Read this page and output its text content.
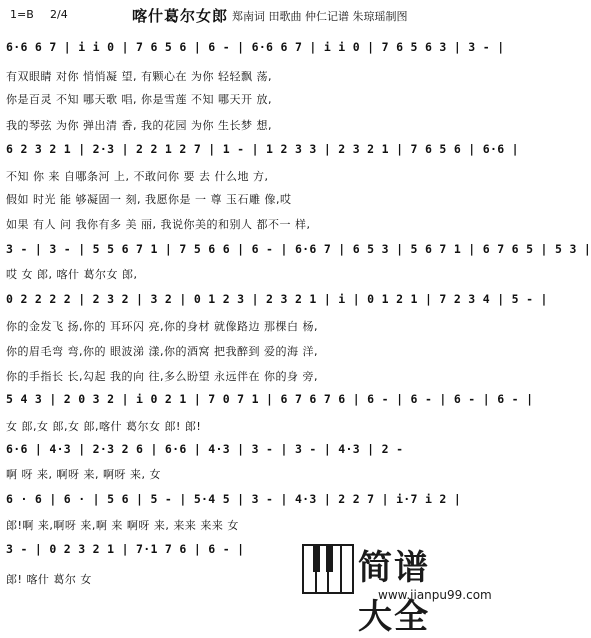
1=B 2/4	喀什葛尔女郎 郑南词 田歌曲 仲仁记谱 朱琼瑶制图
6·6 6 7 | i i 0 | 7 6 5 6 | 6 - | 6·6 6 7 | i i 0 | 7 6 5 6 3 | 3 - |
有双眼睛 对你 悄悄凝 望, 有颗心在 为你 轻轻飘 荡,
你是百灵 不知 哪天歌 唱, 你是雪莲 不知 哪天开 放,
我的琴弦 为你 弹出清 香, 我的花园 为你 生长梦 想,
6 2 3 2 1 | 2·3 | 2 2 1 2 7 | 1 - | 1 2 3 3 | 2 3 2 1 | 7 6 5 6 | 6·6 |
不知 你 来 自哪条河 上, 不敢问你 要 去 什么地 方,
假如 时光 能 够凝固一 刻, 我愿你是 一 尊 玉石雕 像,哎
如果 有人 问 我你有多 美 丽, 我说你美的和别人 都不一 样,
3 - | 3 - | 5 5 6 7 1 | 7 5 6 6 | 6 - | 6·6 7 | 6 5 3 | 5 6 7 1 | 6 7 6 5 | 5 3 |
哎 女 郎, 喀什 葛尔女 郎,
0 2 2 2 2 | 2 3 2 | 3 2 | 0 1 2 3 | 2 3 2 1 | i | 0 1 2 1 | 7 2 3 4 | 5 - |
你的金发飞 扬,你的 耳环闪 亮,你的身材 就像路边 那棵白 杨,
你的眉毛弯 弯,你的 眼波涕 漾,你的酒窝 把我醉到 爱的海 洋,
你的手指长 长,勾起 我的向 往,多么盼望 永远伴在 你的身 旁,
5 4 3 | 2 0 3 2 | i 0 2 1 | 7 0 7 1 | 6 7 6 7 6 | 6 - | 6 - | 6 - | 6 - |
女 郎,女 郎,女 郎,喀什 葛尔女 郎! 郎!
6·6 | 4·3 | 2·3 2 6 | 6·6 | 4·3 | 3 - | 3 - | 4·3 | 2 -
啊 呀 来, 啊呀 来, 啊呀 来, 女
6 · 6 | 6 · | 5 6 | 5 - | 5·4 5 | 3 - | 4·3 | 2 2 7 | i·7 i 2 |
郎!啊 来,啊呀 来,啊 来 啊呀 来, 来来 来来 女
3 - | 0 2 3 2 1 | 7·1 7 6 | 6 - |
郎! 喀什 葛尔 女	简谱大全
www.jianpu99.com
